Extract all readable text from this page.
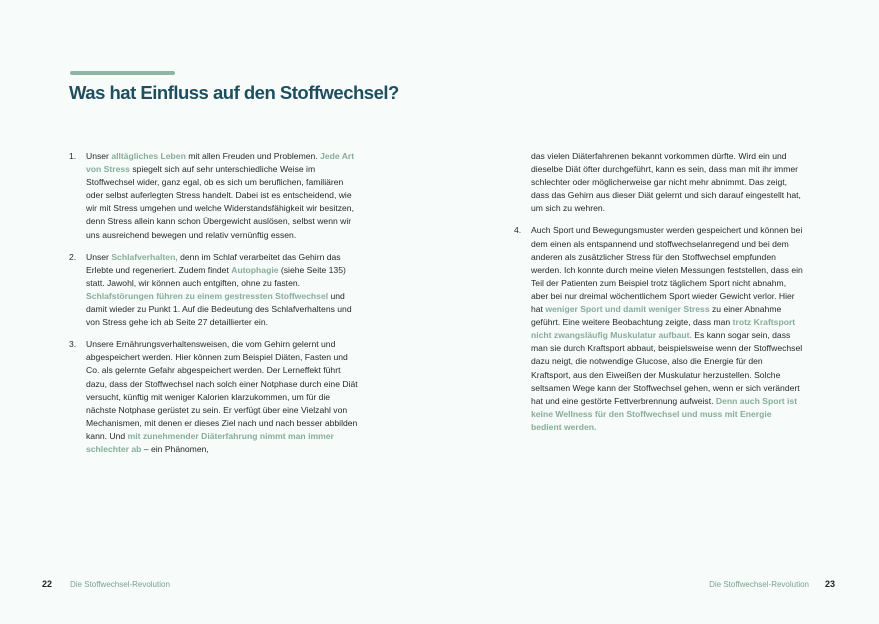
Was hat Einfluss auf den Stoffwechsel?
1.	Unser alltägliches Leben mit allen Freuden und Problemen. Jede Art von Stress spiegelt sich auf sehr unterschiedliche Weise im Stoffwechsel wider, ganz egal, ob es sich um beruflichen, familiären oder selbst auferlegten Stress handelt. Dabei ist es entscheidend, wie wir mit Stress umgehen und welche Widerstandsfähigkeit wir besitzen, denn Stress allein kann schon Übergewicht auslösen, selbst wenn wir uns ausreichend bewegen und relativ vernünftig essen.
2.	Unser Schlafverhalten, denn im Schlaf verarbeitet das Gehirn das Erlebte und regeneriert. Zudem findet Autophagie (siehe Seite 135) statt. Jawohl, wir können auch entgiften, ohne zu fasten. Schlafstörungen führen zu einem gestressten Stoffwechsel und damit wieder zu Punkt 1. Auf die Bedeutung des Schlafverhaltens und von Stress gehe ich ab Seite 27 detaillierter ein.
3.	Unsere Ernährungsverhaltensweisen, die vom Gehirn gelernt und abgespeichert werden. Hier können zum Beispiel Diäten, Fasten und Co. als gelernte Gefahr abgespeichert werden. Der Lerneffekt führt dazu, dass der Stoffwechsel nach solch einer Notphase durch eine Diät versucht, künftig mit weniger Kalorien klarzukommen, um für die nächste Notphase gerüstet zu sein. Er verfügt über eine Vielzahl von Mechanismen, mit denen er dieses Ziel nach und nach besser abbilden kann. Und mit zunehmender Diäterfahrung nimmt man immer schlechter ab – ein Phänomen,
das vielen Diäterfahrenen bekannt vorkommen dürfte. Wird ein und dieselbe Diät öfter durchgeführt, kann es sein, dass man mit ihr immer schlechter oder möglicherweise gar nicht mehr abnimmt. Das zeigt, dass das Gehirn aus dieser Diät gelernt und sich darauf eingestellt hat, um sich zu wehren.
4.	Auch Sport und Bewegungsmuster werden gespeichert und können bei dem einen als entspannend und stoffwechselanregend und bei dem anderen als zusätzlicher Stress für den Stoffwechsel empfunden werden. Ich konnte durch meine vielen Messungen feststellen, dass ein Teil der Patienten zum Beispiel trotz täglichem Sport nicht abnahm, aber bei nur dreimal wöchentlichem Sport wieder Gewicht verlor. Hier hat weniger Sport und damit weniger Stress zu einer Abnahme geführt. Eine weitere Beobachtung zeigte, dass man trotz Kraftsport nicht zwangsläufig Muskulatur aufbaut. Es kann sogar sein, dass man sie durch Kraftsport abbaut, beispielsweise wenn der Stoffwechsel dazu neigt, die notwendige Glucose, also die Energie für den Kraftsport, aus den Eiweißen der Muskulatur herzustellen. Solche seltsamen Wege kann der Stoffwechsel gehen, wenn er sich verändert hat und eine gestörte Fettverbrennung aufweist. Denn auch Sport ist keine Wellness für den Stoffwechsel und muss mit Energie bedient werden.
22 Die Stoffwechsel-Revolution	Die Stoffwechsel-Revolution 23
